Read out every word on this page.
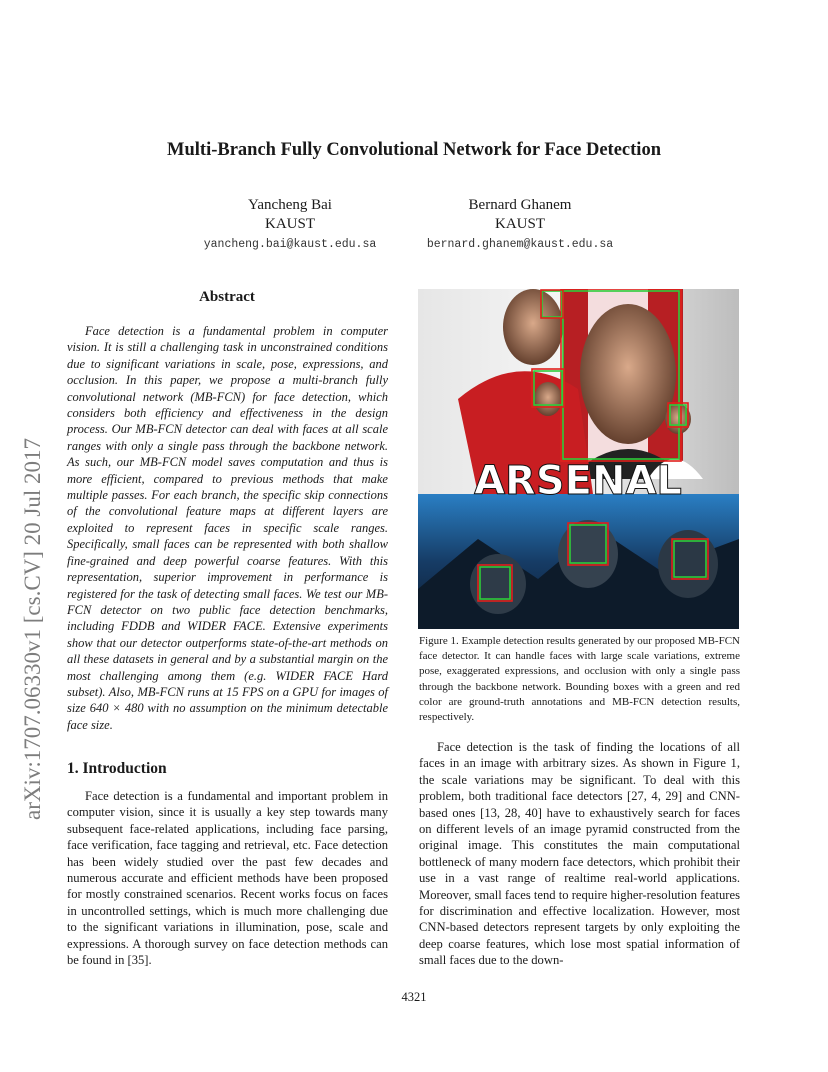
Multi-Branch Fully Convolutional Network for Face Detection
Yancheng Bai
KAUST
yancheng.bai@kaust.edu.sa
Bernard Ghanem
KAUST
bernard.ghanem@kaust.edu.sa
arXiv:1707.06330v1 [cs.CV] 20 Jul 2017
Abstract
Face detection is a fundamental problem in computer vision. It is still a challenging task in unconstrained conditions due to significant variations in scale, pose, expressions, and occlusion. In this paper, we propose a multi-branch fully convolutional network (MB-FCN) for face detection, which considers both efficiency and effectiveness in the design process. Our MB-FCN detector can deal with faces at all scale ranges with only a single pass through the backbone network. As such, our MB-FCN model saves computation and thus is more efficient, compared to previous methods that make multiple passes. For each branch, the specific skip connections of the convolutional feature maps at different layers are exploited to represent faces in specific scale ranges. Specifically, small faces can be represented with both shallow fine-grained and deep powerful coarse features. With this representation, superior improvement in performance is registered for the task of detecting small faces. We test our MB-FCN detector on two public face detection benchmarks, including FDDB and WIDER FACE. Extensive experiments show that our detector outperforms state-of-the-art methods on all these datasets in general and by a substantial margin on the most challenging among them (e.g. WIDER FACE Hard subset). Also, MB-FCN runs at 15 FPS on a GPU for images of size 640 × 480 with no assumption on the minimum detectable face size.
1. Introduction
Face detection is a fundamental and important problem in computer vision, since it is usually a key step towards many subsequent face-related applications, including face parsing, face verification, face tagging and retrieval, etc. Face detection has been widely studied over the past few decades and numerous accurate and efficient methods have been proposed for mostly constrained scenarios. Recent works focus on faces in uncontrolled settings, which is much more challenging due to the significant variations in illumination, pose, scale and expressions. A thorough survey on face detection methods can be found in [35].
ARSENAL
Figure 1. Example detection results generated by our proposed MB-FCN face detector. It can handle faces with large scale variations, extreme pose, exaggerated expressions, and occlusion with only a single pass through the backbone network. Bounding boxes with a green and red color are ground-truth annotations and MB-FCN detection results, respectively.
Face detection is the task of finding the locations of all faces in an image with arbitrary sizes. As shown in Figure 1, the scale variations may be significant. To deal with this problem, both traditional face detectors [27, 4, 29] and CNN-based ones [13, 28, 40] have to exhaustively search for faces on different levels of an image pyramid constructed from the original image. This constitutes the main computational bottleneck of many modern face detectors, which prohibit their use in a vast range of realtime real-world applications. Moreover, small faces tend to require higher-resolution features for discrimination and effective localization. However, most CNN-based detectors represent targets by only exploiting the deep coarse features, which lose most spatial information of small faces due to the down-
4321
